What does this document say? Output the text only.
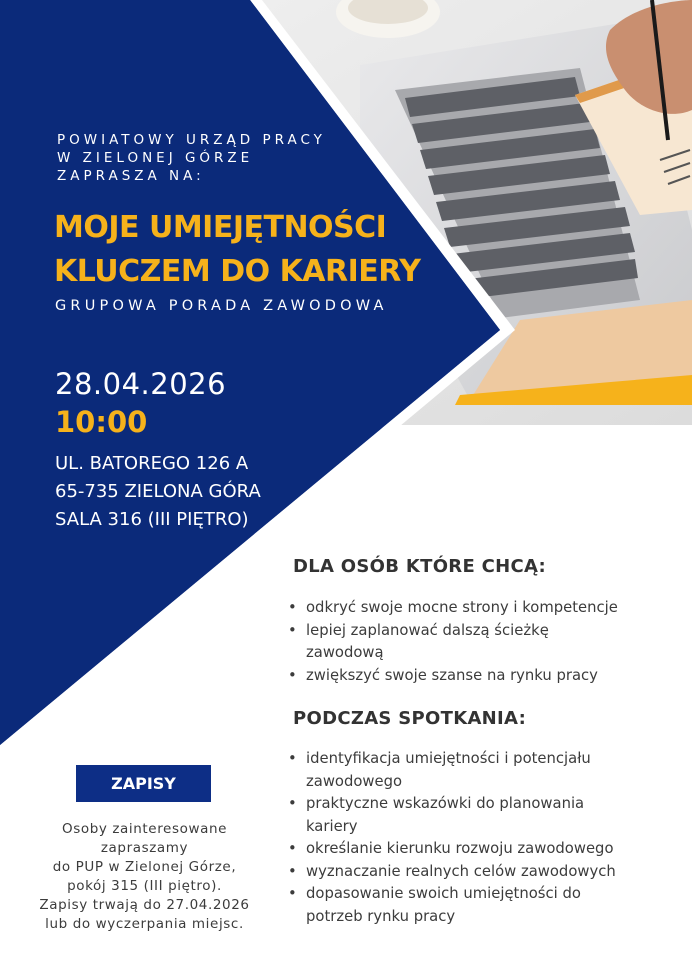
POWIATOWY URZĄD PRACY
W ZIELONEJ GÓRZE
ZAPRASZA NA:
MOJE UMIEJĘTNOŚCI
KLUCZEM DO KARIERY
GRUPOWA PORADA ZAWODOWA
28.04.2026
10:00
UL. BATOREGO 126 A
65-735 ZIELONA GÓRA
SALA 316 (III PIĘTRO)
DLA OSÓB KTÓRE CHCĄ:
• odkryć swoje mocne strony i kompetencje
• lepiej zaplanować dalszą ścieżkę
zawodową
• zwiększyć swoje szanse na rynku pracy
PODCZAS SPOTKANIA:
• identyfikacja umiejętności i potencjału
zawodowego
• praktyczne wskazówki do planowania
kariery
• określanie kierunku rozwoju zawodowego
• wyznaczanie realnych celów zawodowych
• dopasowanie swoich umiejętności do
potrzeb rynku pracy
ZAPISY
Osoby zainteresowane
zapraszamy
do PUP w Zielonej Górze,
pokój 315 (III piętro).
Zapisy trwają do 27.04.2026
lub do wyczerpania miejsc.
